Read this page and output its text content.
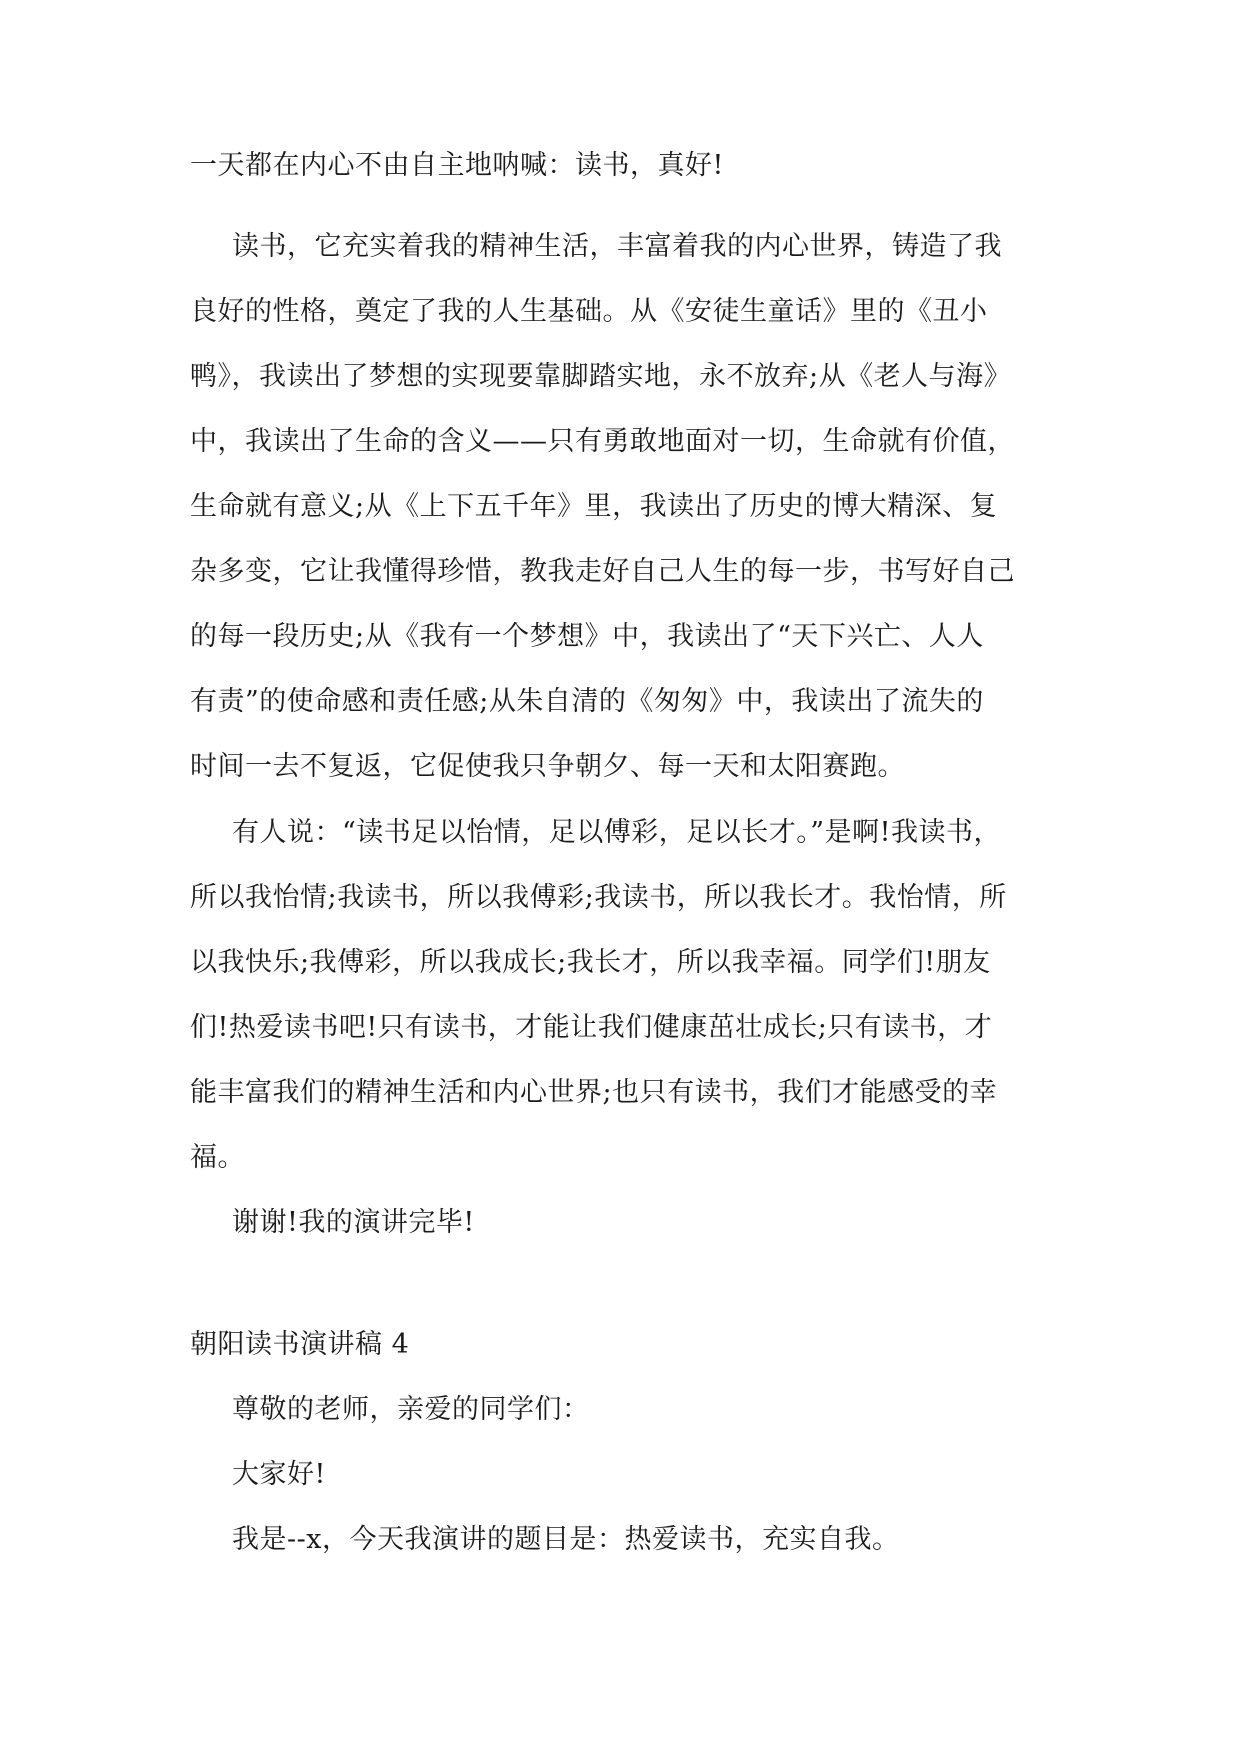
一天都在内心不由自主地呐喊：读书，真好!
读书，它充实着我的精神生活，丰富着我的内心世界，铸造了我
良好的性格，奠定了我的人生基础。从《安徒生童话》里的《丑小
鸭》，我读出了梦想的实现要靠脚踏实地，永不放弃;从《老人与海》
中，我读出了生命的含义——只有勇敢地面对一切，生命就有价值，
生命就有意义;从《上下五千年》里，我读出了历史的博大精深、复
杂多变，它让我懂得珍惜，教我走好自己人生的每一步，书写好自己
的每一段历史;从《我有一个梦想》中，我读出了“天下兴亡、人人
有责”的使命感和责任感;从朱自清的《匆匆》中，我读出了流失的
时间一去不复返，它促使我只争朝夕、每一天和太阳赛跑。
有人说：“读书足以怡情，足以傅彩，足以长才。”是啊!我读书，
所以我怡情;我读书，所以我傅彩;我读书，所以我长才。我怡情，所
以我快乐;我傅彩，所以我成长;我长才，所以我幸福。同学们!朋友
们!热爱读书吧!只有读书，才能让我们健康茁壮成长;只有读书，才
能丰富我们的精神生活和内心世界;也只有读书，我们才能感受的幸
福。
谢谢!我的演讲完毕!
朝阳读书演讲稿 4
尊敬的老师，亲爱的同学们：
大家好!
我是--x，今天我演讲的题目是：热爱读书，充实自我。
